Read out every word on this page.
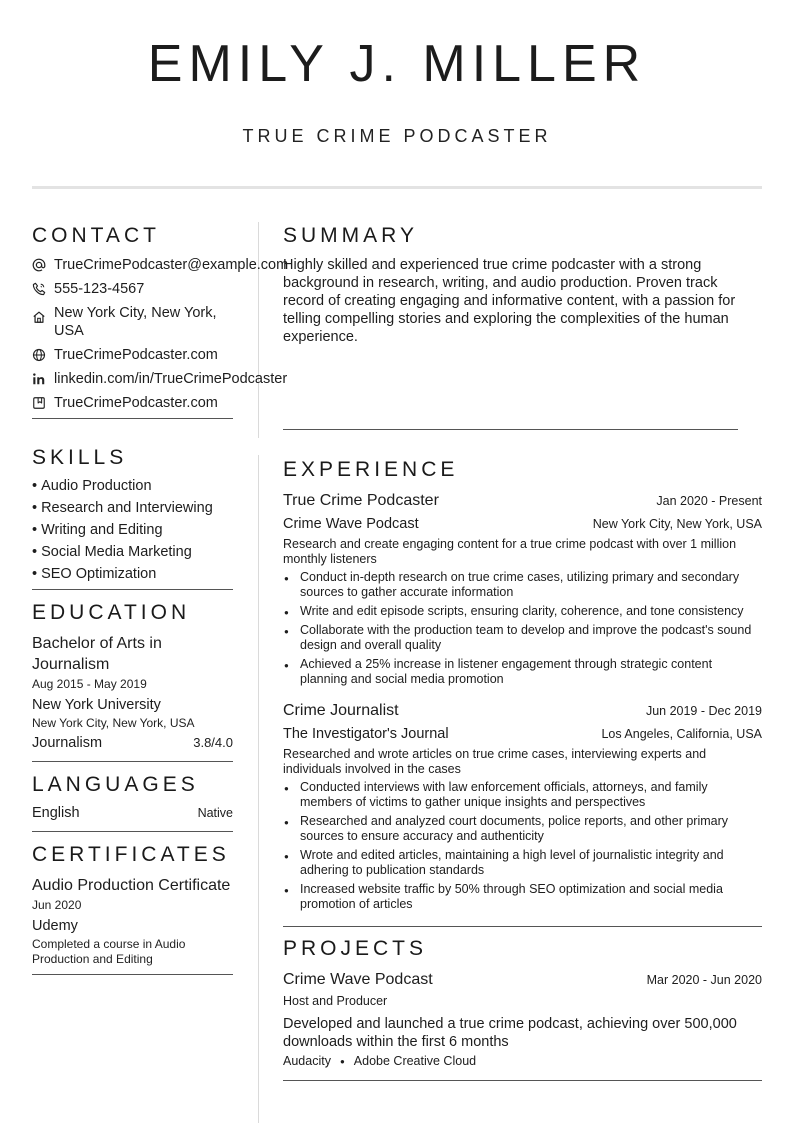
EMILY J. MILLER
TRUE CRIME PODCASTER
CONTACT
TrueCrimePodcaster@example.com
555-123-4567
New York City, New York, USA
TrueCrimePodcaster.com
linkedin.com/in/TrueCrimePodcaster
TrueCrimePodcaster.com
SKILLS
• Audio Production
• Research and Interviewing
• Writing and Editing
• Social Media Marketing
• SEO Optimization
EDUCATION
Bachelor of Arts in Journalism
Aug 2015 - May 2019
New York University
New York City, New York, USA
Journalism	3.8/4.0
LANGUAGES
English	Native
CERTIFICATES
Audio Production Certificate
Jun 2020
Udemy
Completed a course in Audio Production and Editing
SUMMARY
Highly skilled and experienced true crime podcaster with a strong background in research, writing, and audio production. Proven track record of creating engaging and informative content, with a passion for telling compelling stories and exploring the complexities of the human experience.
EXPERIENCE
True Crime Podcaster	Jan 2020 - Present
Crime Wave Podcast	New York City, New York, USA
Research and create engaging content for a true crime podcast with over 1 million monthly listeners
● Conduct in-depth research on true crime cases, utilizing primary and secondary sources to gather accurate information
● Write and edit episode scripts, ensuring clarity, coherence, and tone consistency
● Collaborate with the production team to develop and improve the podcast's sound design and overall quality
● Achieved a 25% increase in listener engagement through strategic content planning and social media promotion
Crime Journalist	Jun 2019 - Dec 2019
The Investigator's Journal	Los Angeles, California, USA
Researched and wrote articles on true crime cases, interviewing experts and individuals involved in the cases
● Conducted interviews with law enforcement officials, attorneys, and family members of victims to gather unique insights and perspectives
● Researched and analyzed court documents, police reports, and other primary sources to ensure accuracy and authenticity
● Wrote and edited articles, maintaining a high level of journalistic integrity and adhering to publication standards
● Increased website traffic by 50% through SEO optimization and social media promotion of articles
PROJECTS
Crime Wave Podcast	Mar 2020 - Jun 2020
Host and Producer
Developed and launched a true crime podcast, achieving over 500,000 downloads within the first 6 months
Audacity ● Adobe Creative Cloud
